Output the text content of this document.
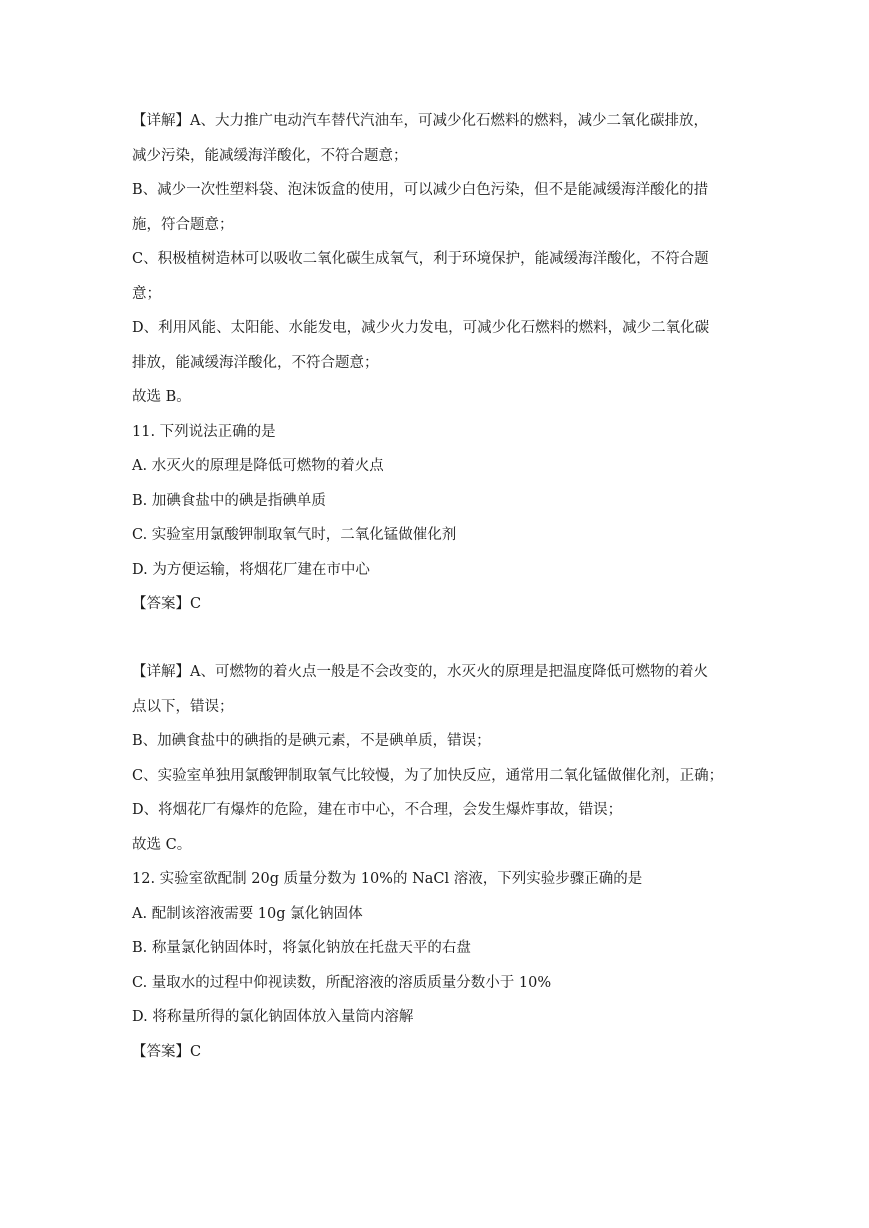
【详解】A、大力推广电动汽车替代汽油车，可减少化石燃料的燃料，减少二氧化碳排放，

减少污染，能减缓海洋酸化，不符合题意；

B、减少一次性塑料袋、泡沫饭盒的使用，可以减少白色污染，但不是能减缓海洋酸化的措

施，符合题意；

C、积极植树造林可以吸收二氧化碳生成氧气，利于环境保护，能减缓海洋酸化，不符合题

意；

D、利用风能、太阳能、水能发电，减少火力发电，可减少化石燃料的燃料，减少二氧化碳

排放，能减缓海洋酸化，不符合题意；

故选 B。

11. 下列说法正确的是

A. 水灭火的原理是降低可燃物的着火点

B. 加碘食盐中的碘是指碘单质

C. 实验室用氯酸钾制取氧气时，二氧化锰做催化剂

D. 为方便运输，将烟花厂建在市中心

【答案】C

【详解】A、可燃物的着火点一般是不会改变的，水灭火的原理是把温度降低可燃物的着火

点以下，错误；

B、加碘食盐中的碘指的是碘元素，不是碘单质，错误；

C、实验室单独用氯酸钾制取氧气比较慢，为了加快反应，通常用二氧化锰做催化剂，正确；

D、将烟花厂有爆炸的危险，建在市中心，不合理，会发生爆炸事故，错误；

故选 C。

12. 实验室欲配制 20g 质量分数为 10%的 NaCl 溶液，下列实验步骤正确的是

A. 配制该溶液需要 10g 氯化钠固体

B. 称量氯化钠固体时，将氯化钠放在托盘天平的右盘

C. 量取水的过程中仰视读数，所配溶液的溶质质量分数小于 10%

D. 将称量所得的氯化钠固体放入量筒内溶解

【答案】C
